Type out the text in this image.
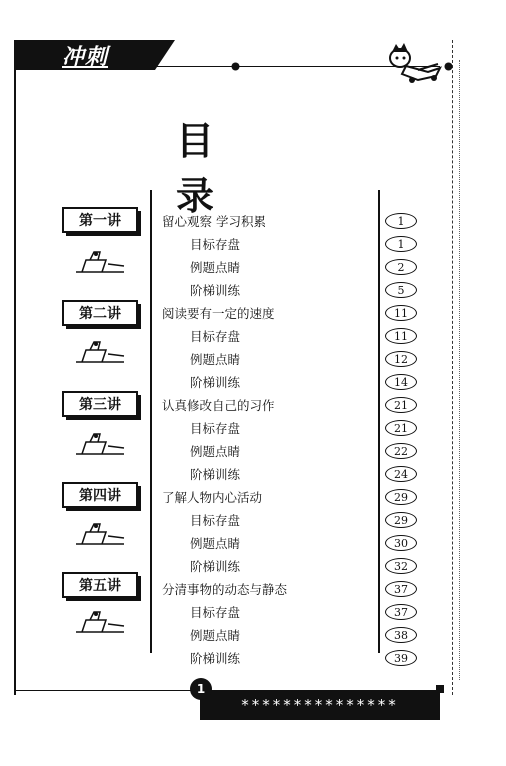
冲刺
目 录
第一讲
第二讲
第三讲
第四讲
第五讲
留心观察 学习积累	1
目标存盘	1
例题点睛	2
阶梯训练	5
阅读要有一定的速度	11
目标存盘	11
例题点睛	12
阶梯训练	14
认真修改自己的习作	21
目标存盘	21
例题点睛	22
阶梯训练	24
了解人物内心活动	29
目标存盘	29
例题点睛	30
阶梯训练	32
分清事物的动态与静态	37
目标存盘	37
例题点睛	38
阶梯训练	39
***************
1
